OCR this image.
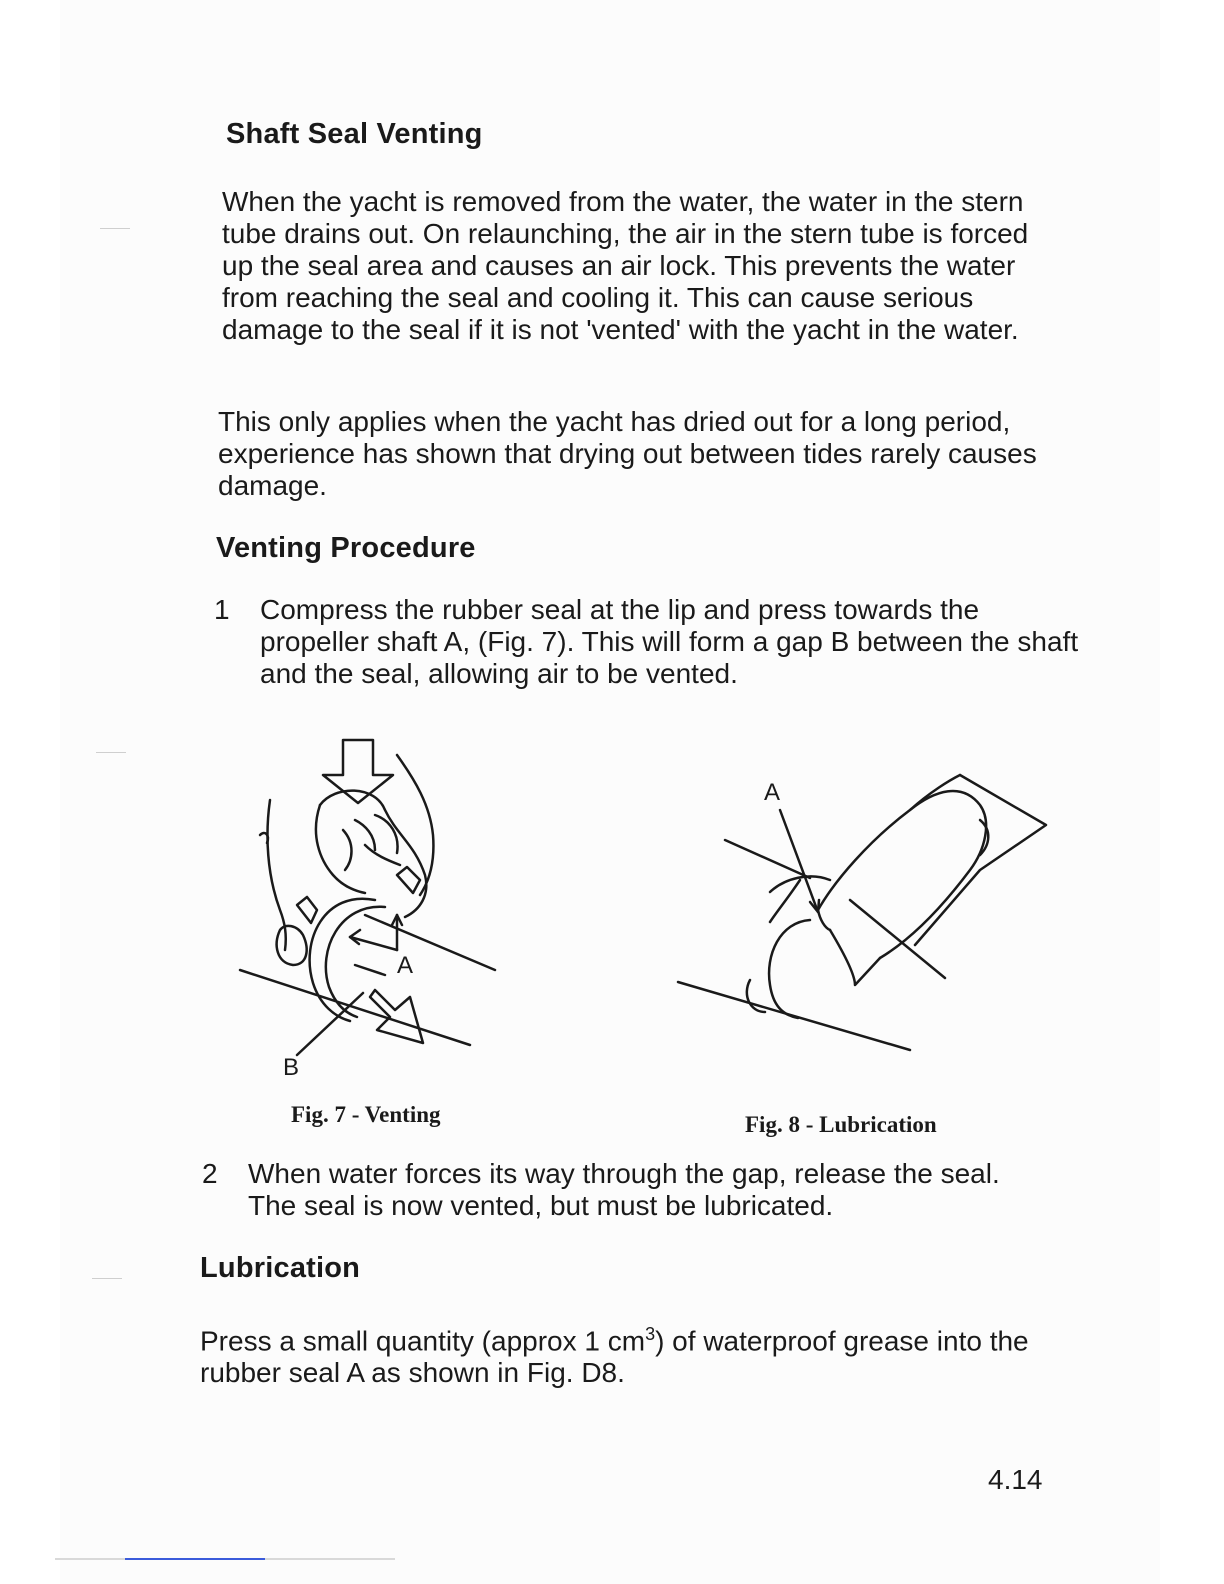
Shaft Seal Venting
When the yacht is removed from the water, the water in the stern tube drains out. On relaunching, the air in the stern tube is forced up the seal area and causes an air lock. This prevents the water from reaching the seal and cooling it. This can cause serious damage to the seal if it is not 'vented' with the yacht in the water.
This only applies when the yacht has dried out for a long period, experience has shown that drying out between tides rarely causes damage.
Venting Procedure
1 Compress the rubber seal at the lip and press towards the propeller shaft A, (Fig. 7). This will form a gap B between the shaft and the seal, allowing air to be vented.
A
B
Fig. 7 - Venting
A
Fig. 8 - Lubrication
2 When water forces its way through the gap, release the seal. The seal is now vented, but must be lubricated.
Lubrication
Press a small quantity (approx 1 $cm^3$) of waterproof grease into the rubber seal A as shown in Fig. D8.
4.14
